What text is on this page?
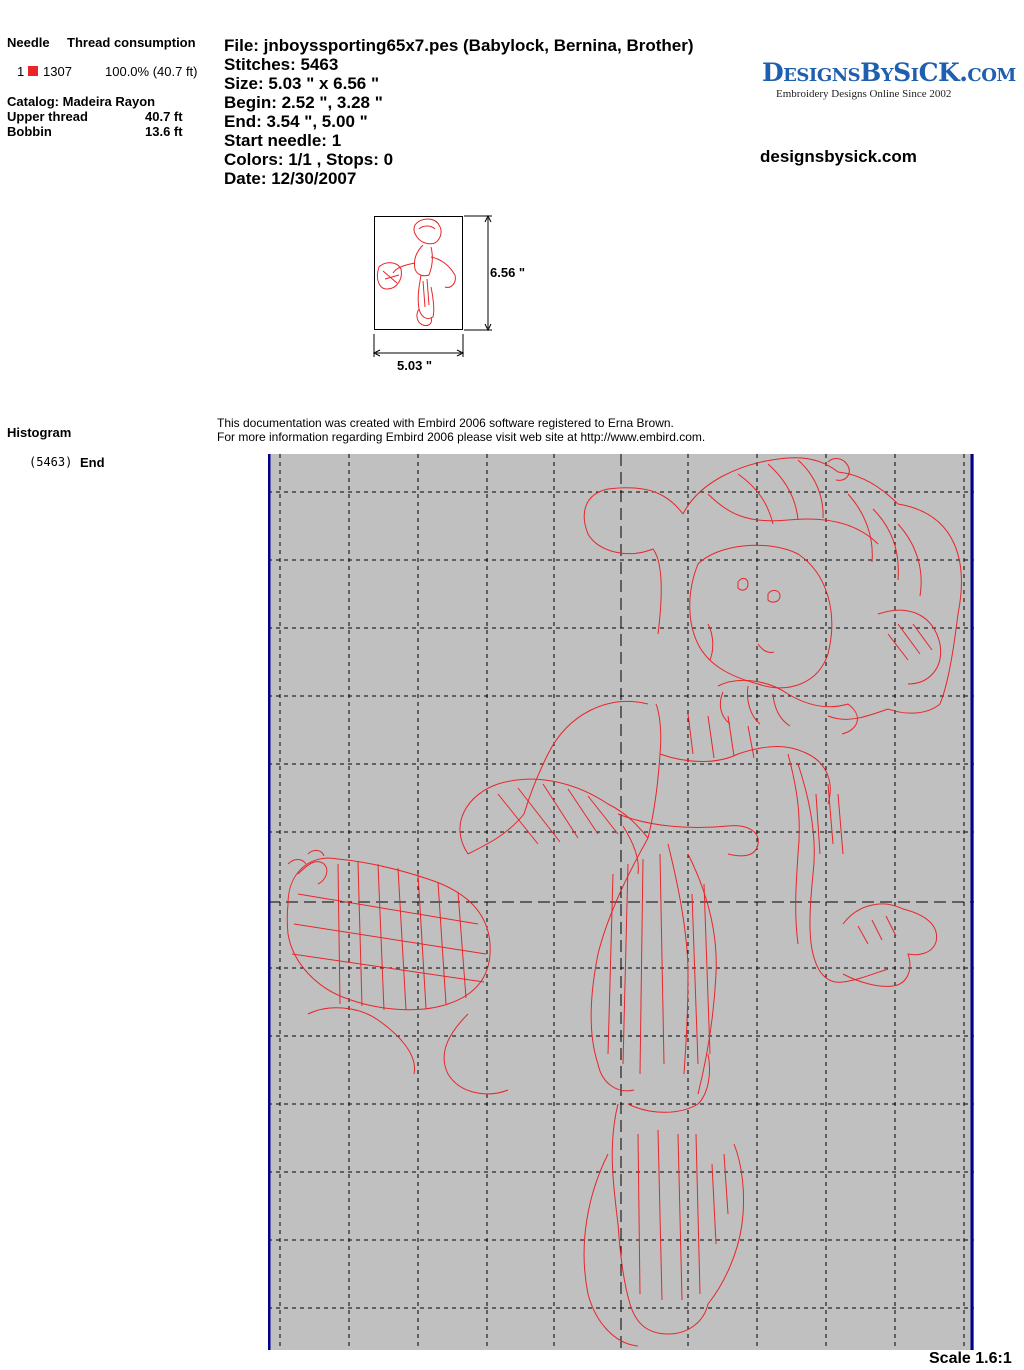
Needle Thread consumption
1 1307	100.0% (40.7 ft)
Catalog: Madeira Rayon
Upper thread	40.7 ft
Bobbin	13.6 ft
File: jnboyssporting65x7.pes (Babylock, Bernina, Brother)
Stitches: 5463
Size: 5.03 " x 6.56 "
Begin: 2.52 ", 3.28 "
End: 3.54 ", 5.00 "
Start needle: 1
Colors: 1/1 , Stops: 0
Date: 12/30/2007
DesignsBySiCK.com
Embroidery Designs Online Since 2002
designsbysick.com
6.56 "
5.03 "
This documentation was created with Embird 2006 software registered to Erna Brown.
For more information regarding Embird 2006 please visit web site at http://www.embird.com.
Histogram
(5463) End
Scale 1.6:1
